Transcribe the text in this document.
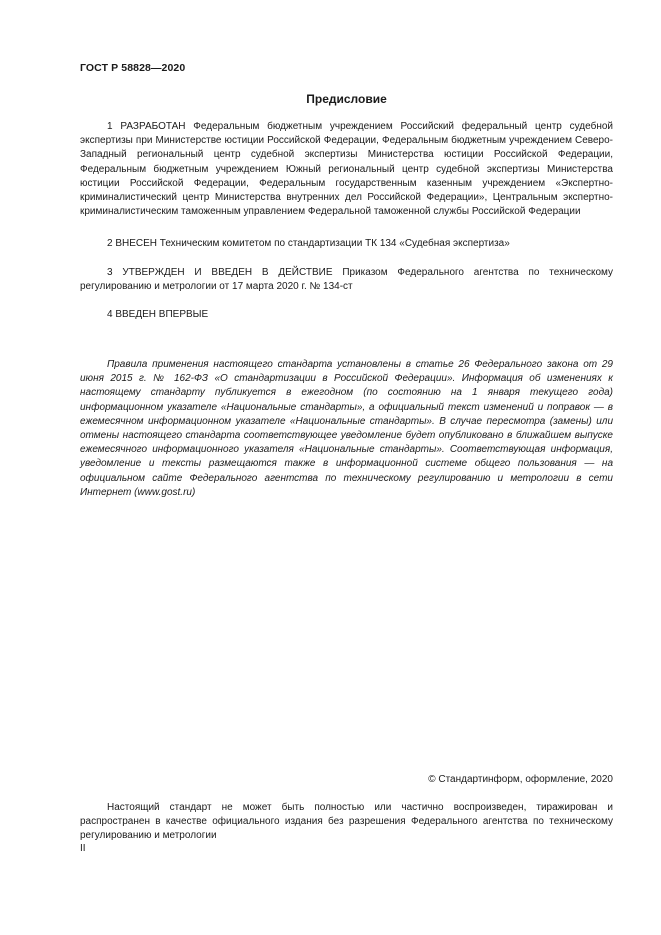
ГОСТ Р 58828—2020
Предисловие

1 РАЗРАБОТАН Федеральным бюджетным учреждением Российский федеральный центр судебной экспертизы при Министерстве юстиции Российской Федерации, Федеральным бюджетным учреждением Северо-Западный региональный центр судебной экспертизы Министерства юстиции Российской Федерации, Федеральным бюджетным учреждением Южный региональный центр судебной экспертизы Министерства юстиции Российской Федерации, Федеральным государственным казенным учреждением «Экспертно-криминалистический центр Министерства внутренних дел Российской Федерации», Центральным экспертно-криминалистическим таможенным управлением Федеральной таможенной службы Российской Федерации

2 ВНЕСЕН Техническим комитетом по стандартизации ТК 134 «Судебная экспертиза»

3 УТВЕРЖДЕН И ВВЕДЕН В ДЕЙСТВИЕ Приказом Федерального агентства по техническому регулированию и метрологии от 17 марта 2020 г. № 134-ст

4 ВВЕДЕН ВПЕРВЫЕ

Правила применения настоящего стандарта установлены в статье 26 Федерального закона от 29 июня 2015 г. № 162-ФЗ «О стандартизации в Российской Федерации». Информация об изменениях к настоящему стандарту публикуется в ежегодном (по состоянию на 1 января текущего года) информационном указателе «Национальные стандарты», а официальный текст изменений и поправок — в ежемесячном информационном указателе «Национальные стандарты». В случае пересмотра (замены) или отмены настоящего стандарта соответствующее уведомление будет опубликовано в ближайшем выпуске ежемесячного информационного указателя «Национальные стандарты». Соответствующая информация, уведомление и тексты размещаются также в информационной системе общего пользования — на официальном сайте Федерального агентства по техническому регулированию и метрологии в сети Интернет (www.gost.ru)

© Стандартинформ, оформление, 2020

Настоящий стандарт не может быть полностью или частично воспроизведен, тиражирован и распространен в качестве официального издания без разрешения Федерального агентства по техническому регулированию и метрологии

II
